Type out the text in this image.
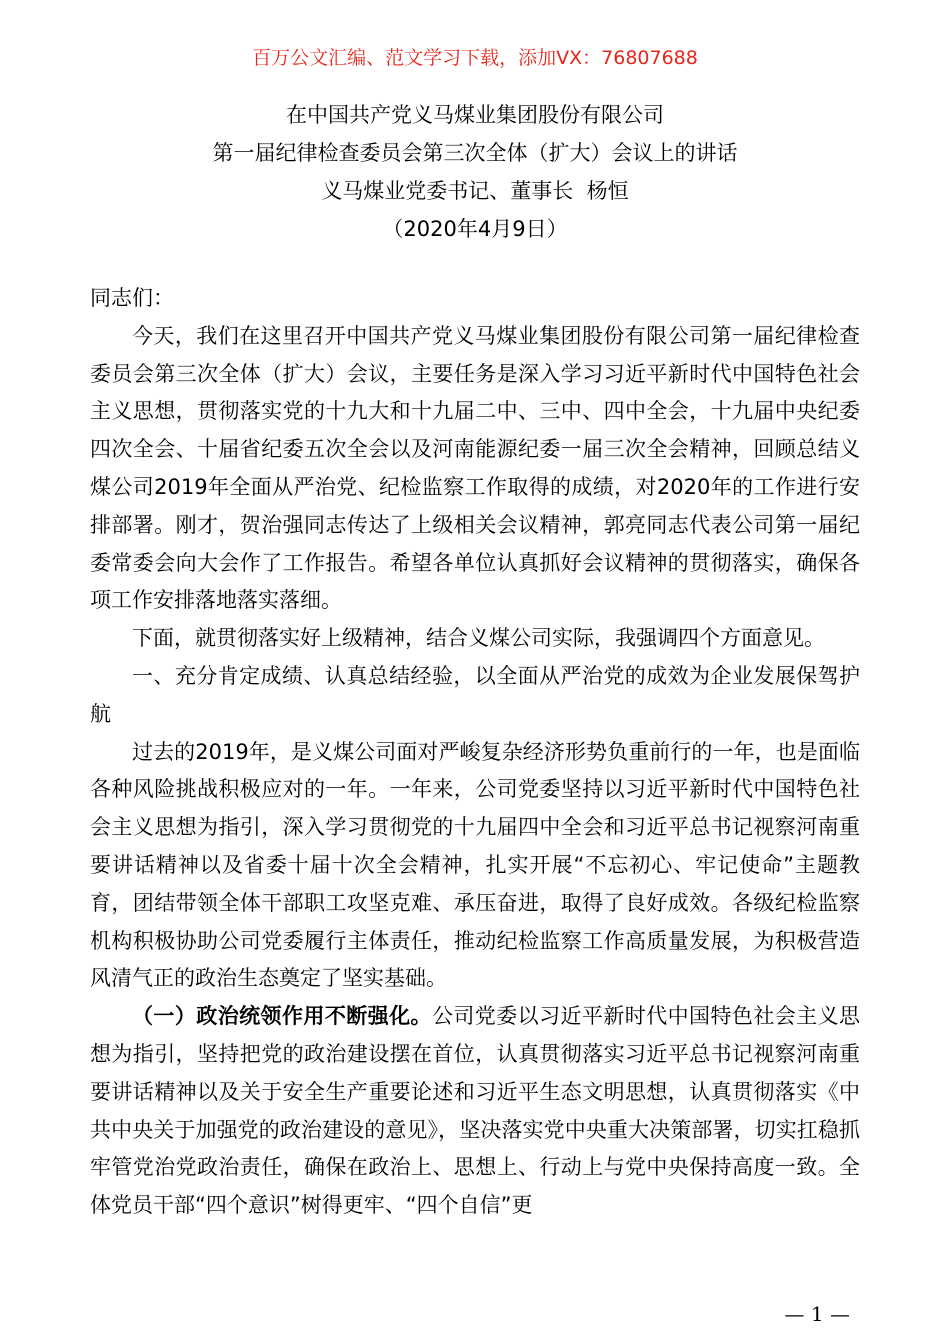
百万公文汇编、范文学习下载，添加VX：76807688
在中国共产党义马煤业集团股份有限公司
第一届纪律检查委员会第三次全体（扩大）会议上的讲话
义马煤业党委书记、董事长  杨恒
（2020年4月9日）

同志们：

今天，我们在这里召开中国共产党义马煤业集团股份有限公司第一届纪律检查委员会第三次全体（扩大）会议，主要任务是深入学习习近平新时代中国特色社会主义思想，贯彻落实党的十九大和十九届二中、三中、四中全会，十九届中央纪委四次全会、十届省纪委五次全会以及河南能源纪委一届三次全会精神，回顾总结义煤公司2019年全面从严治党、纪检监察工作取得的成绩，对2020年的工作进行安排部署。刚才，贺治强同志传达了上级相关会议精神，郭亮同志代表公司第一届纪委常委会向大会作了工作报告。希望各单位认真抓好会议精神的贯彻落实，确保各项工作安排落地落实落细。

下面，就贯彻落实好上级精神，结合义煤公司实际，我强调四个方面意见。

一、充分肯定成绩、认真总结经验，以全面从严治党的成效为企业发展保驾护航

过去的2019年，是义煤公司面对严峻复杂经济形势负重前行的一年，也是面临各种风险挑战积极应对的一年。一年来，公司党委坚持以习近平新时代中国特色社会主义思想为指引，深入学习贯彻党的十九届四中全会和习近平总书记视察河南重要讲话精神以及省委十届十次全会精神，扎实开展“不忘初心、牢记使命”主题教育，团结带领全体干部职工攻坚克难、承压奋进，取得了良好成效。各级纪检监察机构积极协助公司党委履行主体责任，推动纪检监察工作高质量发展，为积极营造风清气正的政治生态奠定了坚实基础。

（一）政治统领作用不断强化。公司党委以习近平新时代中国特色社会主义思想为指引，坚持把党的政治建设摆在首位，认真贯彻落实习近平总书记视察河南重要讲话精神以及关于安全生产重要论述和习近平生态文明思想，认真贯彻落实《中共中央关于加强党的政治建设的意见》，坚决落实党中央重大决策部署，切实扛稳抓牢管党治党政治责任，确保在政治上、思想上、行动上与党中央保持高度一致。全体党员干部“四个意识”树得更牢、“四个自信”更

— 1 —
